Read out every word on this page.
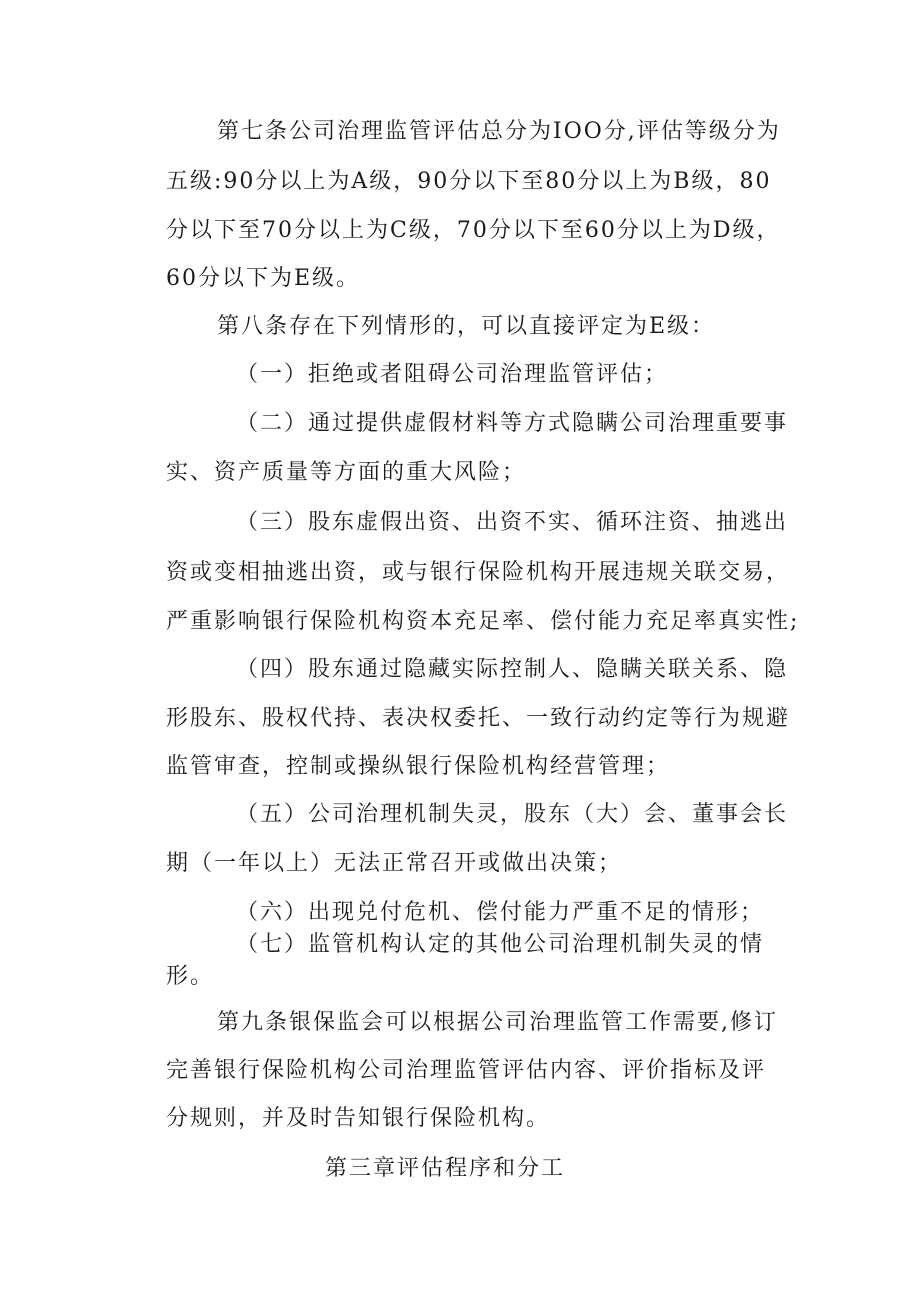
第七条公司治理监管评估总分为IOO分,评估等级分为
五级:90分以上为A级，90分以下至80分以上为B级，80
分以下至70分以上为C级，70分以下至60分以上为D级，
60分以下为E级。
第八条存在下列情形的，可以直接评定为E级：
（一）拒绝或者阻碍公司治理监管评估；
（二）通过提供虚假材料等方式隐瞒公司治理重要事
实、资产质量等方面的重大风险；
（三）股东虚假出资、出资不实、循环注资、抽逃出
资或变相抽逃出资，或与银行保险机构开展违规关联交易，
严重影响银行保险机构资本充足率、偿付能力充足率真实性;
（四）股东通过隐藏实际控制人、隐瞒关联关系、隐
形股东、股权代持、表决权委托、一致行动约定等行为规避
监管审查，控制或操纵银行保险机构经营管理；
（五）公司治理机制失灵，股东（大）会、董事会长
期（一年以上）无法正常召开或做出决策；
（六）出现兑付危机、偿付能力严重不足的情形；
（七）监管机构认定的其他公司治理机制失灵的情
形。
第九条银保监会可以根据公司治理监管工作需要,修订
完善银行保险机构公司治理监管评估内容、评价指标及评
分规则，并及时告知银行保险机构。
第三章评估程序和分工
